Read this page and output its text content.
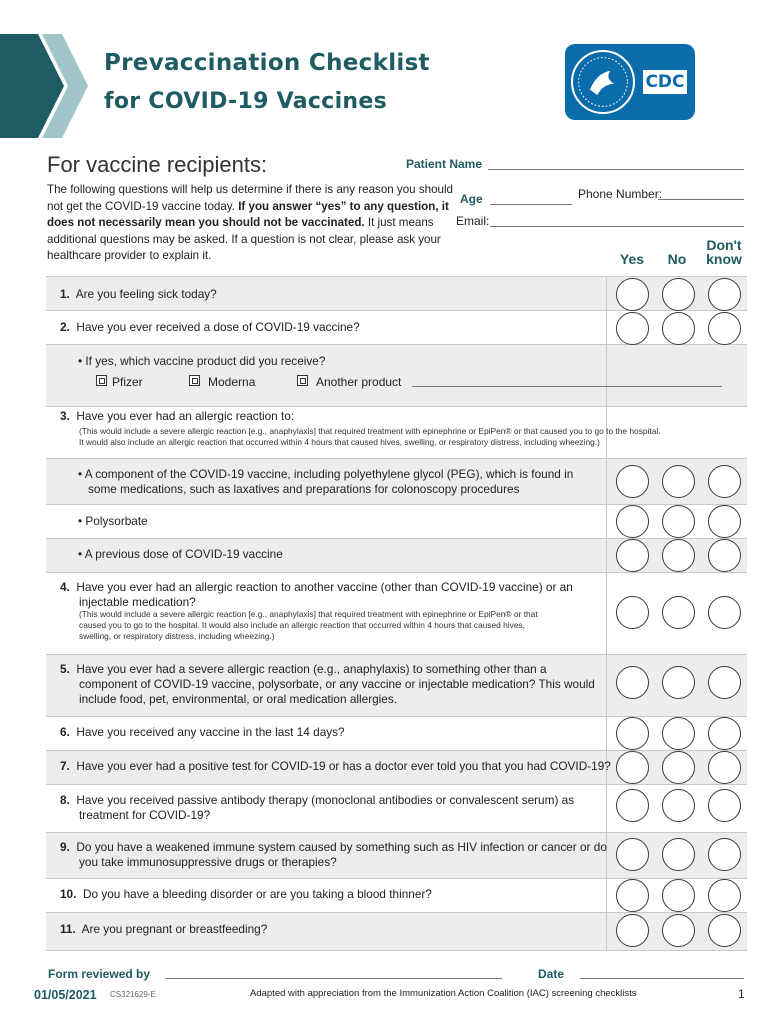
Prevaccination Checklist
for COVID-19 Vaccines
CDC
For vaccine recipients:
The following questions will help us determine if there is any reason you should not get the COVID-19 vaccine today. If you answer “yes” to any question, it does not necessarily mean you should not be vaccinated. It just means additional questions may be asked. If a question is not clear, please ask your healthcare provider to explain it.
Patient Name
Age	Phone Number:
Email:
Yes	No
Don't
know
1. Are you feeling sick today?
2. Have you ever received a dose of COVID-19 vaccine?
• If yes, which vaccine product did you receive?
Pfizer	Moderna	Another product
3. Have you ever had an allergic reaction to:
(This would include a severe allergic reaction [e.g., anaphylaxis] that required treatment with epinephrine or EpiPen® or that caused you to go to the hospital.
It would also include an allergic reaction that occurred within 4 hours that caused hives, swelling, or respiratory distress, including wheezing.)
• A component of the COVID-19 vaccine, including polyethylene glycol (PEG), which is found in
some medications, such as laxatives and preparations for colonoscopy procedures
• Polysorbate
• A previous dose of COVID-19 vaccine
4. Have you ever had an allergic reaction to another vaccine (other than COVID-19 vaccine) or an
injectable medication?
(This would include a severe allergic reaction [e.g., anaphylaxis] that required treatment with epinephrine or EpiPen® or that
caused you to go to the hospital. It would also include an allergic reaction that occurred within 4 hours that caused hives,
swelling, or respiratory distress, including wheezing.)
5. Have you ever had a severe allergic reaction (e.g., anaphylaxis) to something other than a
component of COVID-19 vaccine, polysorbate, or any vaccine or injectable medication? This would
include food, pet, environmental, or oral medication allergies.
6. Have you received any vaccine in the last 14 days?
7. Have you ever had a positive test for COVID-19 or has a doctor ever told you that you had COVID-19?
8. Have you received passive antibody therapy (monoclonal antibodies or convalescent serum) as
treatment for COVID-19?
9. Do you have a weakened immune system caused by something such as HIV infection or cancer or do
you take immunosuppressive drugs or therapies?
10. Do you have a bleeding disorder or are you taking a blood thinner?
11. Are you pregnant or breastfeeding?
Form reviewed by	Date
01/05/2021 CS321629-E	Adapted with appreciation from the Immunization Action Coalition (IAC) screening checklists	1
